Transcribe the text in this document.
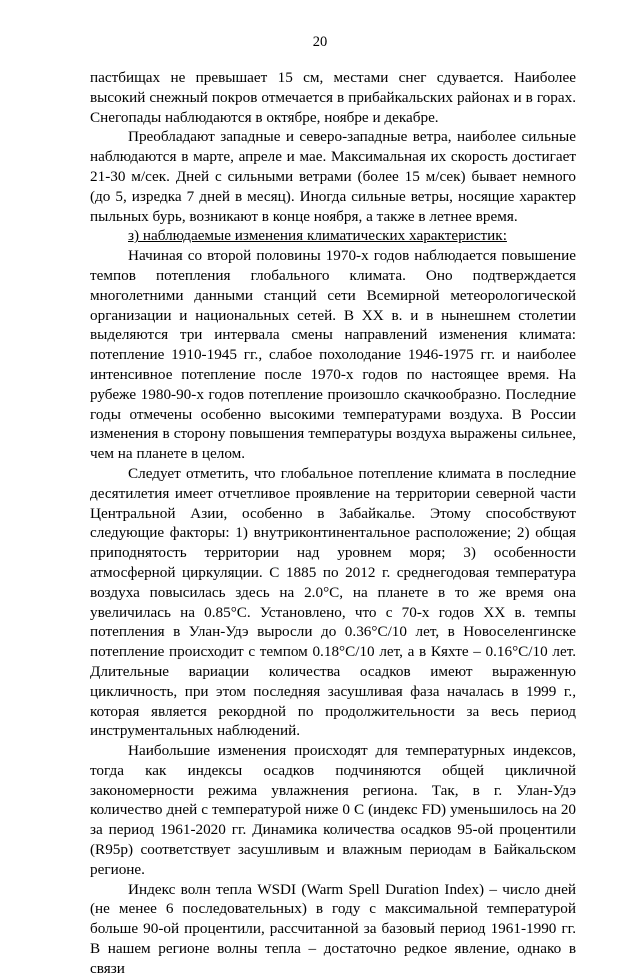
20

пастбищах не превышает 15 см, местами снег сдувается. Наиболее высокий снежный покров отмечается в прибайкальских районах и в горах. Снегопады наблюдаются в октябре, ноябре и декабре.

Преобладают западные и северо-западные ветра, наиболее сильные наблюдаются в марте, апреле и мае. Максимальная их скорость достигает 21-30 м/сек. Дней с сильными ветрами (более 15 м/сек) бывает немного (до 5, изредка 7 дней в месяц). Иногда сильные ветры, носящие характер пыльных бурь, возникают в конце ноября, а также в летнее время.

з) наблюдаемые изменения климатических характеристик:

Начиная со второй половины 1970-х годов наблюдается повышение темпов потепления глобального климата. Оно подтверждается многолетними данными станций сети Всемирной метеорологической организации и национальных сетей. В XX в. и в нынешнем столетии выделяются три интервала смены направлений изменения климата: потепление 1910-1945 гг., слабое похолодание 1946-1975 гг. и наиболее интенсивное потепление после 1970-х годов по настоящее время. На рубеже 1980-90-х годов потепление произошло скачкообразно. Последние годы отмечены особенно высокими температурами воздуха. В России изменения в сторону повышения температуры воздуха выражены сильнее, чем на планете в целом.

Следует отметить, что глобальное потепление климата в последние десятилетия имеет отчетливое проявление на территории северной части Центральной Азии, особенно в Забайкалье. Этому способствуют следующие факторы: 1) внутриконтинентальное расположение; 2) общая приподнятость территории над уровнем моря; 3) особенности атмосферной циркуляции. С 1885 по 2012 г. среднегодовая температура воздуха повысилась здесь на 2.0°С, на планете в то же время она увеличилась на 0.85°С. Установлено, что с 70-х годов XX в. темпы потепления в Улан-Удэ выросли до 0.36°С/10 лет, в Новоселенгинске потепление происходит с темпом 0.18°С/10 лет, а в Кяхте – 0.16°С/10 лет. Длительные вариации количества осадков имеют выраженную цикличность, при этом последняя засушливая фаза началась в 1999 г., которая является рекордной по продолжительности за весь период инструментальных наблюдений.

Наибольшие изменения происходят для температурных индексов, тогда как индексы осадков подчиняются общей цикличной закономерности режима увлажнения региона. Так, в г. Улан-Удэ количество дней с температурой ниже 0 С (индекс FD) уменьшилось на 20 за период 1961-2020 гг. Динамика количества осадков 95-ой процентили (R95p) соответствует засушливым и влажным периодам в Байкальском регионе.

Индекс волн тепла WSDI (Warm Spell Duration Index) – число дней (не менее 6 последовательных) в году с максимальной температурой больше 90-ой процентили, рассчитанной за базовый период 1961-1990 гг. В нашем регионе волны тепла – достаточно редкое явление, однако в связи
